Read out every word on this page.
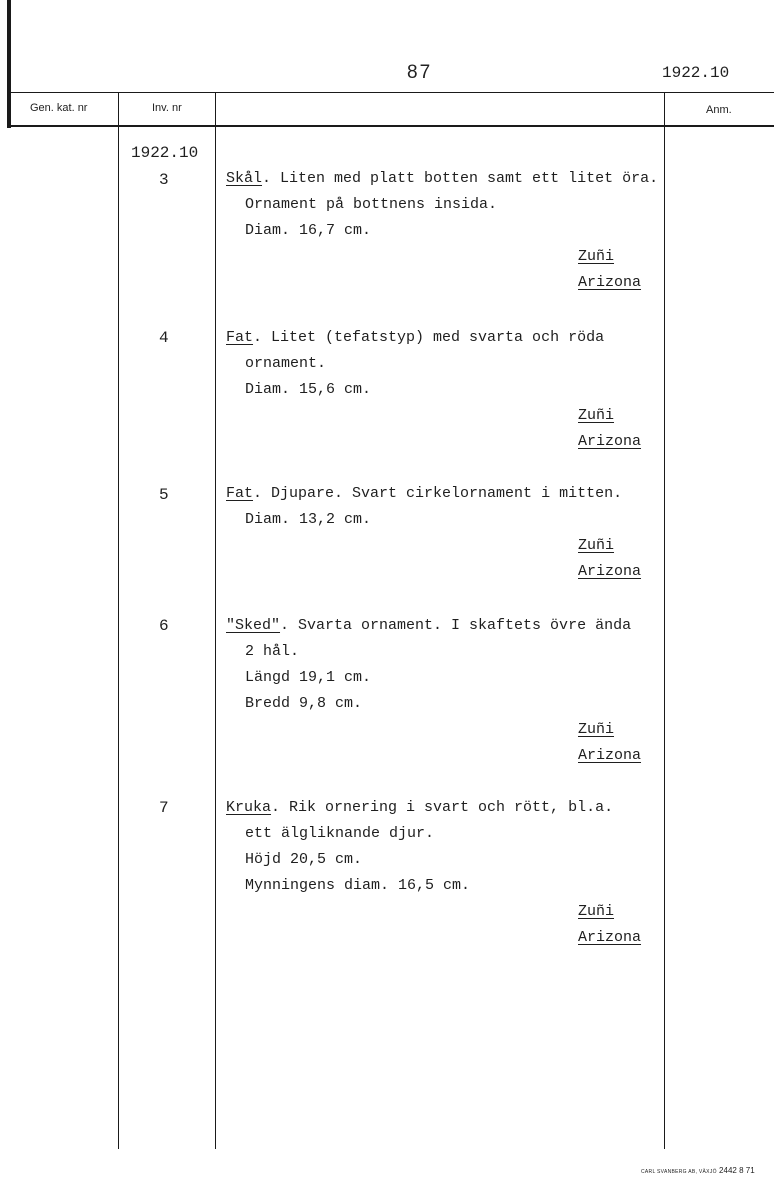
87	1922.10
Gen. kat. nr	Inv. nr	Anm.
1922.10
3	Skål. Liten med platt botten samt ett litet öra.
Ornament på bottnens insida.
Diam. 16,7 cm.
Zuñi
Arizona
4	Fat. Litet (tefatstyp) med svarta och röda
ornament.
Diam. 15,6 cm.
Zuñi
Arizona
5	Fat. Djupare. Svart cirkelornament i mitten.
Diam. 13,2 cm.
Zuñi
Arizona
6	"Sked". Svarta ornament. I skaftets övre ända
2 hål.
Längd 19,1 cm.
Bredd 9,8 cm.
Zuñi
Arizona
7	Kruka. Rik ornering i svart och rött, bl.a.
ett älgliknande djur.
Höjd 20,5 cm.
Mynningens diam. 16,5 cm.
Zuñi
Arizona
CARL SVANBERG AB, VÄXJÖ 2442 8 71
